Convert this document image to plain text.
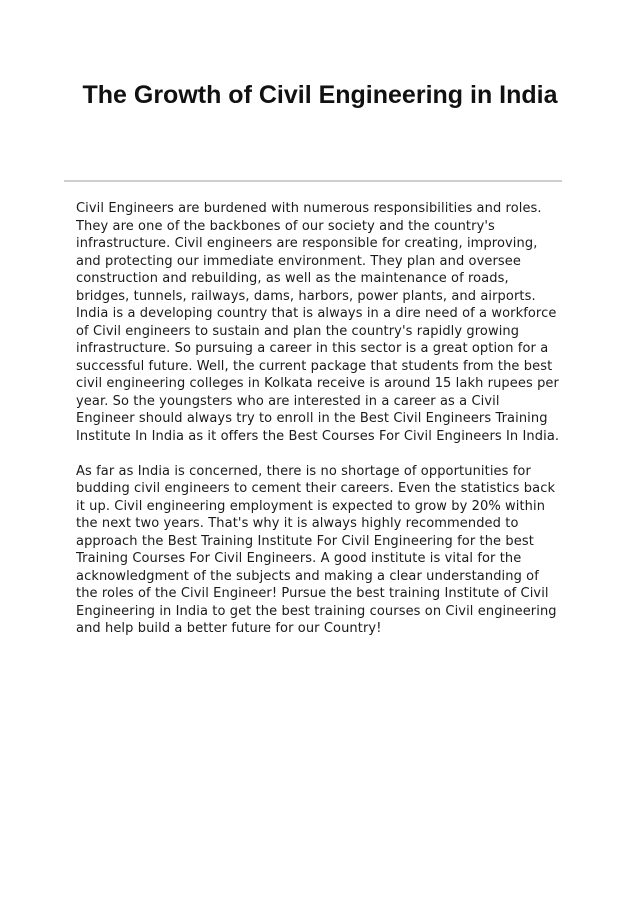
The Growth of Civil Engineering in India

Civil Engineers are burdened with numerous responsibilities and roles. They are one of the backbones of our society and the country's infrastructure. Civil engineers are responsible for creating, improving, and protecting our immediate environment. They plan and oversee construction and rebuilding, as well as the maintenance of roads, bridges, tunnels, railways, dams, harbors, power plants, and airports. India is a developing country that is always in a dire need of a workforce of Civil engineers to sustain and plan the country's rapidly growing infrastructure. So pursuing a career in this sector is a great option for a successful future. Well, the current package that students from the best civil engineering colleges in Kolkata receive is around 15 lakh rupees per year. So the youngsters who are interested in a career as a Civil Engineer should always try to enroll in the Best Civil Engineers Training Institute In India as it offers the Best Courses For Civil Engineers In India.

As far as India is concerned, there is no shortage of opportunities for budding civil engineers to cement their careers. Even the statistics back it up. Civil engineering employment is expected to grow by 20% within the next two years. That's why it is always highly recommended to approach the Best Training Institute For Civil Engineering for the best Training Courses For Civil Engineers. A good institute is vital for the acknowledgment of the subjects and making a clear understanding of the roles of the Civil Engineer! Pursue the best training Institute of Civil Engineering in India to get the best training courses on Civil engineering and help build a better future for our Country!
